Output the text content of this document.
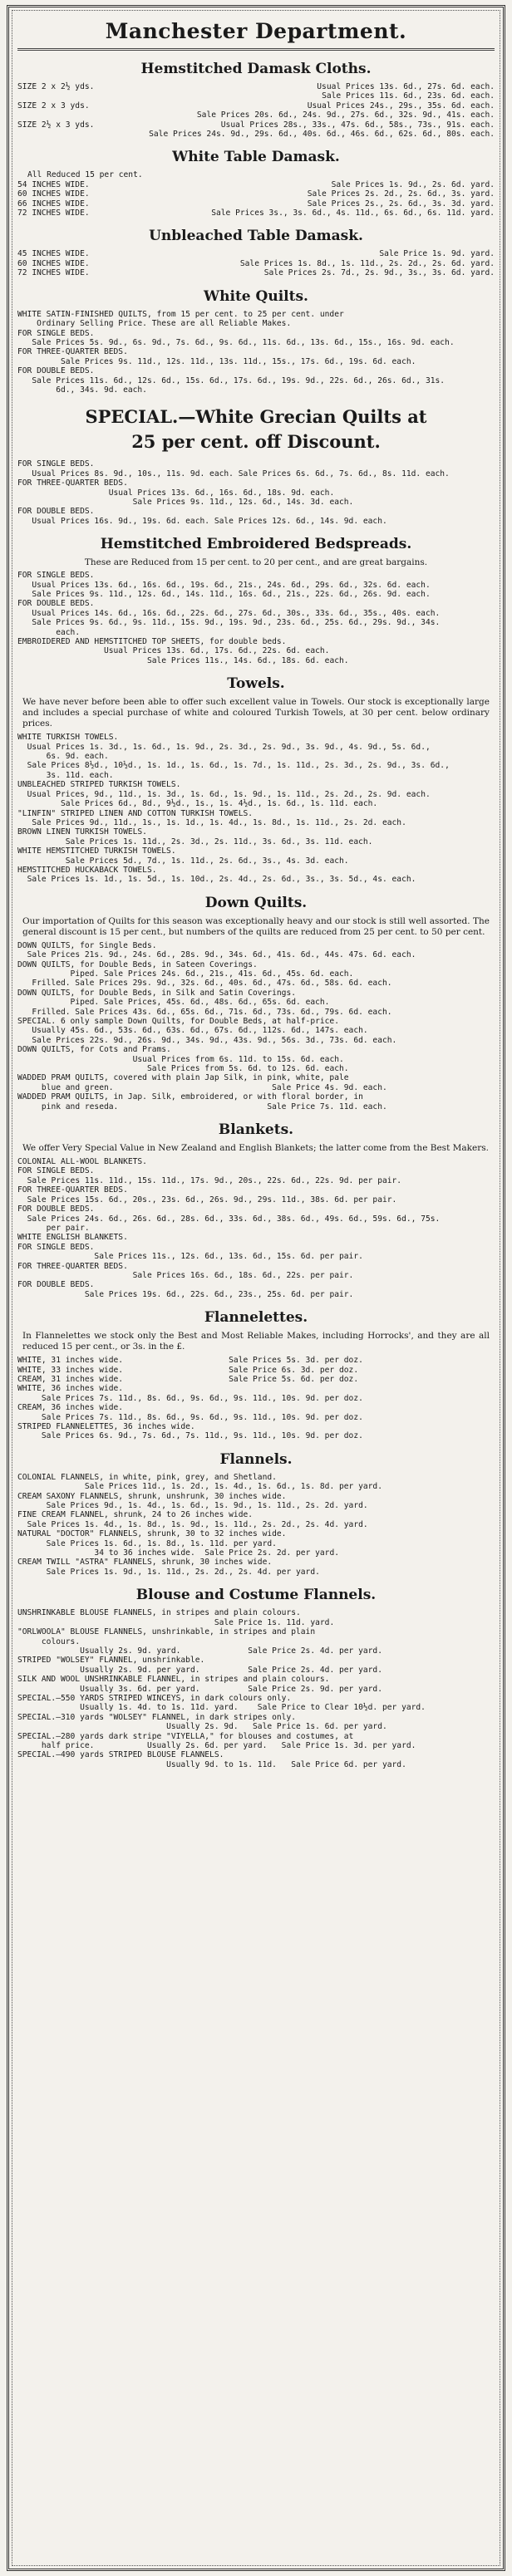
Manchester Department.
Hemstitched Damask Cloths.
SIZE 2 x 2½ yds.	Usual Prices 13s. 6d., 27s. 6d. each.
Sale Prices 11s. 6d., 23s. 6d. each.
SIZE 2 x 3 yds.	Usual Prices 24s., 29s., 35s. 6d. each.
Sale Prices 20s. 6d., 24s. 9d., 27s. 6d., 32s. 9d., 41s. each.
SIZE 2½ x 3 yds.	Usual Prices 28s., 33s., 47s. 6d., 58s., 73s., 91s. each.
Sale Prices 24s. 9d., 29s. 6d., 40s. 6d., 46s. 6d., 62s. 6d., 80s. each.
White Table Damask.
All Reduced 15 per cent.
54 INCHES WIDE.	Sale Prices 1s. 9d., 2s. 6d. yard.
60 INCHES WIDE.	Sale Prices 2s. 2d., 2s. 6d., 3s. yard.
66 INCHES WIDE.	Sale Prices 2s., 2s. 6d., 3s. 3d. yard.
72 INCHES WIDE.	Sale Prices 3s., 3s. 6d., 4s. 11d., 6s. 6d., 6s. 11d. yard.
Unbleached Table Damask.
45 INCHES WIDE.	Sale Price 1s. 9d. yard.
60 INCHES WIDE.	Sale Prices 1s. 8d., 1s. 11d., 2s. 2d., 2s. 6d. yard.
72 INCHES WIDE.	Sale Prices 2s. 7d., 2s. 9d., 3s., 3s. 6d. yard.
White Quilts.
WHITE SATIN-FINISHED QUILTS, from 15 per cent. to 25 per cent. under
Ordinary Selling Price. These are all Reliable Makes.
FOR SINGLE BEDS.
Sale Prices 5s. 9d., 6s. 9d., 7s. 6d., 9s. 6d., 11s. 6d., 13s. 6d., 15s., 16s. 9d. each.
FOR THREE-QUARTER BEDS.
Sale Prices 9s. 11d., 12s. 11d., 13s. 11d., 15s., 17s. 6d., 19s. 6d. each.
FOR DOUBLE BEDS.
Sale Prices 11s. 6d., 12s. 6d., 15s. 6d., 17s. 6d., 19s. 9d., 22s. 6d., 26s. 6d., 31s.
6d., 34s. 9d. each.
SPECIAL.—White Grecian Quilts at
25 per cent. off Discount.
FOR SINGLE BEDS.
Usual Prices 8s. 9d., 10s., 11s. 9d. each. Sale Prices 6s. 6d., 7s. 6d., 8s. 11d. each.
FOR THREE-QUARTER BEDS.
Usual Prices 13s. 6d., 16s. 6d., 18s. 9d. each.
Sale Prices 9s. 11d., 12s. 6d., 14s. 3d. each.
FOR DOUBLE BEDS.
Usual Prices 16s. 9d., 19s. 6d. each. Sale Prices 12s. 6d., 14s. 9d. each.
Hemstitched Embroidered Bedspreads.
These are Reduced from 15 per cent. to 20 per cent., and are great bargains.
FOR SINGLE BEDS.
Usual Prices 13s. 6d., 16s. 6d., 19s. 6d., 21s., 24s. 6d., 29s. 6d., 32s. 6d. each.
Sale Prices 9s. 11d., 12s. 6d., 14s. 11d., 16s. 6d., 21s., 22s. 6d., 26s. 9d. each.
FOR DOUBLE BEDS.
Usual Prices 14s. 6d., 16s. 6d., 22s. 6d., 27s. 6d., 30s., 33s. 6d., 35s., 40s. each.
Sale Prices 9s. 6d., 9s. 11d., 15s. 9d., 19s. 9d., 23s. 6d., 25s. 6d., 29s. 9d., 34s.
each.
EMBROIDERED AND HEMSTITCHED TOP SHEETS, for double beds.
Usual Prices 13s. 6d., 17s. 6d., 22s. 6d. each.
Sale Prices 11s., 14s. 6d., 18s. 6d. each.
Towels.
We have never before been able to offer such excellent value in Towels. Our stock is exceptionally large and includes a special purchase of white and coloured Turkish Towels, at 30 per cent. below ordinary prices.
WHITE TURKISH TOWELS.
Usual Prices 1s. 3d., 1s. 6d., 1s. 9d., 2s. 3d., 2s. 9d., 3s. 9d., 4s. 9d., 5s. 6d.,
6s. 9d. each.
Sale Prices 8½d., 10½d., 1s. 1d., 1s. 6d., 1s. 7d., 1s. 11d., 2s. 3d., 2s. 9d., 3s. 6d.,
3s. 11d. each.
UNBLEACHED STRIPED TURKISH TOWELS.
Usual Prices, 9d., 11d., 1s. 3d., 1s. 6d., 1s. 9d., 1s. 11d., 2s. 2d., 2s. 9d. each.
Sale Prices 6d., 8d., 9½d., 1s., 1s. 4½d., 1s. 6d., 1s. 11d. each.
"LINFIN" STRIPED LINEN AND COTTON TURKISH TOWELS.
Sale Prices 9d., 11d., 1s., 1s. 1d., 1s. 4d., 1s. 8d., 1s. 11d., 2s. 2d. each.
BROWN LINEN TURKISH TOWELS.
Sale Prices 1s. 11d., 2s. 3d., 2s. 11d., 3s. 6d., 3s. 11d. each.
WHITE HEMSTITCHED TURKISH TOWELS.
Sale Prices 5d., 7d., 1s. 11d., 2s. 6d., 3s., 4s. 3d. each.
HEMSTITCHED HUCKABACK TOWELS.
Sale Prices 1s. 1d., 1s. 5d., 1s. 10d., 2s. 4d., 2s. 6d., 3s., 3s. 5d., 4s. each.
Down Quilts.
Our importation of Quilts for this season was exceptionally heavy and our stock is still well assorted. The general discount is 15 per cent., but numbers of the quilts are reduced from 25 per cent. to 50 per cent.
DOWN QUILTS, for Single Beds.
Sale Prices 21s. 9d., 24s. 6d., 28s. 9d., 34s. 6d., 41s. 6d., 44s. 47s. 6d. each.
DOWN QUILTS, for Double Beds, in Sateen Coverings.
Piped. Sale Prices 24s. 6d., 21s., 41s. 6d., 45s. 6d. each.
Frilled. Sale Prices 29s. 9d., 32s. 6d., 40s. 6d., 47s. 6d., 58s. 6d. each.
DOWN QUILTS, for Double Beds, in Silk and Satin Coverings.
Piped. Sale Prices, 45s. 6d., 48s. 6d., 65s. 6d. each.
Frilled. Sale Prices 43s. 6d., 65s. 6d., 71s. 6d., 73s. 6d., 79s. 6d. each.
SPECIAL. 6 only sample Down Quilts, for Double Beds, at half-price.
Usually 45s. 6d., 53s. 6d., 63s. 6d., 67s. 6d., 112s. 6d., 147s. each.
Sale Prices 22s. 9d., 26s. 9d., 34s. 9d., 43s. 9d., 56s. 3d., 73s. 6d. each.
DOWN QUILTS, for Cots and Prams.
Usual Prices from 6s. 11d. to 15s. 6d. each.
Sale Prices from 5s. 6d. to 12s. 6d. each.
WADDED PRAM QUILTS, covered with plain Jap Silk, in pink, white, pale
blue and green.                                 Sale Price 4s. 9d. each.
WADDED PRAM QUILTS, in Jap. Silk, embroidered, or with floral border, in
pink and reseda.                               Sale Price 7s. 11d. each.
Blankets.
We offer Very Special Value in New Zealand and English Blankets; the latter come from the Best Makers.
COLONIAL ALL-WOOL BLANKETS.
FOR SINGLE BEDS.
Sale Prices 11s. 11d., 15s. 11d., 17s. 9d., 20s., 22s. 6d., 22s. 9d. per pair.
FOR THREE-QUARTER BEDS.
Sale Prices 15s. 6d., 20s., 23s. 6d., 26s. 9d., 29s. 11d., 38s. 6d. per pair.
FOR DOUBLE BEDS.
Sale Prices 24s. 6d., 26s. 6d., 28s. 6d., 33s. 6d., 38s. 6d., 49s. 6d., 59s. 6d., 75s.
per pair.
WHITE ENGLISH BLANKETS.
FOR SINGLE BEDS.
Sale Prices 11s., 12s. 6d., 13s. 6d., 15s. 6d. per pair.
FOR THREE-QUARTER BEDS.
Sale Prices 16s. 6d., 18s. 6d., 22s. per pair.
FOR DOUBLE BEDS.
Sale Prices 19s. 6d., 22s. 6d., 23s., 25s. 6d. per pair.
Flannelettes.
In Flannelettes we stock only the Best and Most Reliable Makes, including Horrocks', and they are all reduced 15 per cent., or 3s. in the £.
WHITE, 31 inches wide.                      Sale Prices 5s. 3d. per doz.
WHITE, 33 inches wide.                      Sale Price 6s. 3d. per doz.
CREAM, 31 inches wide.                      Sale Price 5s. 6d. per doz.
WHITE, 36 inches wide.
Sale Prices 7s. 11d., 8s. 6d., 9s. 6d., 9s. 11d., 10s. 9d. per doz.
CREAM, 36 inches wide.
Sale Prices 7s. 11d., 8s. 6d., 9s. 6d., 9s. 11d., 10s. 9d. per doz.
STRIPED FLANNELETTES, 36 inches wide.
Sale Prices 6s. 9d., 7s. 6d., 7s. 11d., 9s. 11d., 10s. 9d. per doz.
Flannels.
COLONIAL FLANNELS, in white, pink, grey, and Shetland.
Sale Prices 11d., 1s. 2d., 1s. 4d., 1s. 6d., 1s. 8d. per yard.
CREAM SAXONY FLANNELS, shrunk, unshrunk, 30 inches wide.
Sale Prices 9d., 1s. 4d., 1s. 6d., 1s. 9d., 1s. 11d., 2s. 2d. yard.
FINE CREAM FLANNEL, shrunk, 24 to 26 inches wide.
Sale Prices 1s. 4d., 1s. 8d., 1s. 9d., 1s. 11d., 2s. 2d., 2s. 4d. yard.
NATURAL "DOCTOR" FLANNELS, shrunk, 30 to 32 inches wide.
Sale Prices 1s. 6d., 1s. 8d., 1s. 11d. per yard.
34 to 36 inches wide.  Sale Price 2s. 2d. per yard.
CREAM TWILL "ASTRA" FLANNELS, shrunk, 30 inches wide.
Sale Prices 1s. 9d., 1s. 11d., 2s. 2d., 2s. 4d. per yard.
Blouse and Costume Flannels.
UNSHRINKABLE BLOUSE FLANNELS, in stripes and plain colours.
Sale Price 1s. 11d. yard.
"ORLWOOLA" BLOUSE FLANNELS, unshrinkable, in stripes and plain
colours.
Usually 2s. 9d. yard.              Sale Price 2s. 4d. per yard.
STRIPED "WOLSEY" FLANNEL, unshrinkable.
Usually 2s. 9d. per yard.          Sale Price 2s. 4d. per yard.
SILK AND WOOL UNSHRINKABLE FLANNEL, in stripes and plain colours.
Usually 3s. 6d. per yard.          Sale Price 2s. 9d. per yard.
SPECIAL.—550 YARDS STRIPED WINCEYS, in dark colours only.
Usually 1s. 4d. to 1s. 11d. yard.    Sale Price to Clear 10½d. per yard.
SPECIAL.—310 yards "WOLSEY" FLANNEL, in dark stripes only.
Usually 2s. 9d.   Sale Price 1s. 6d. per yard.
SPECIAL.—280 yards dark stripe "VIYELLA," for blouses and costumes, at
half price.           Usually 2s. 6d. per yard.   Sale Price 1s. 3d. per yard.
SPECIAL.—490 yards STRIPED BLOUSE FLANNELS.
Usually 9d. to 1s. 11d.   Sale Price 6d. per yard.
